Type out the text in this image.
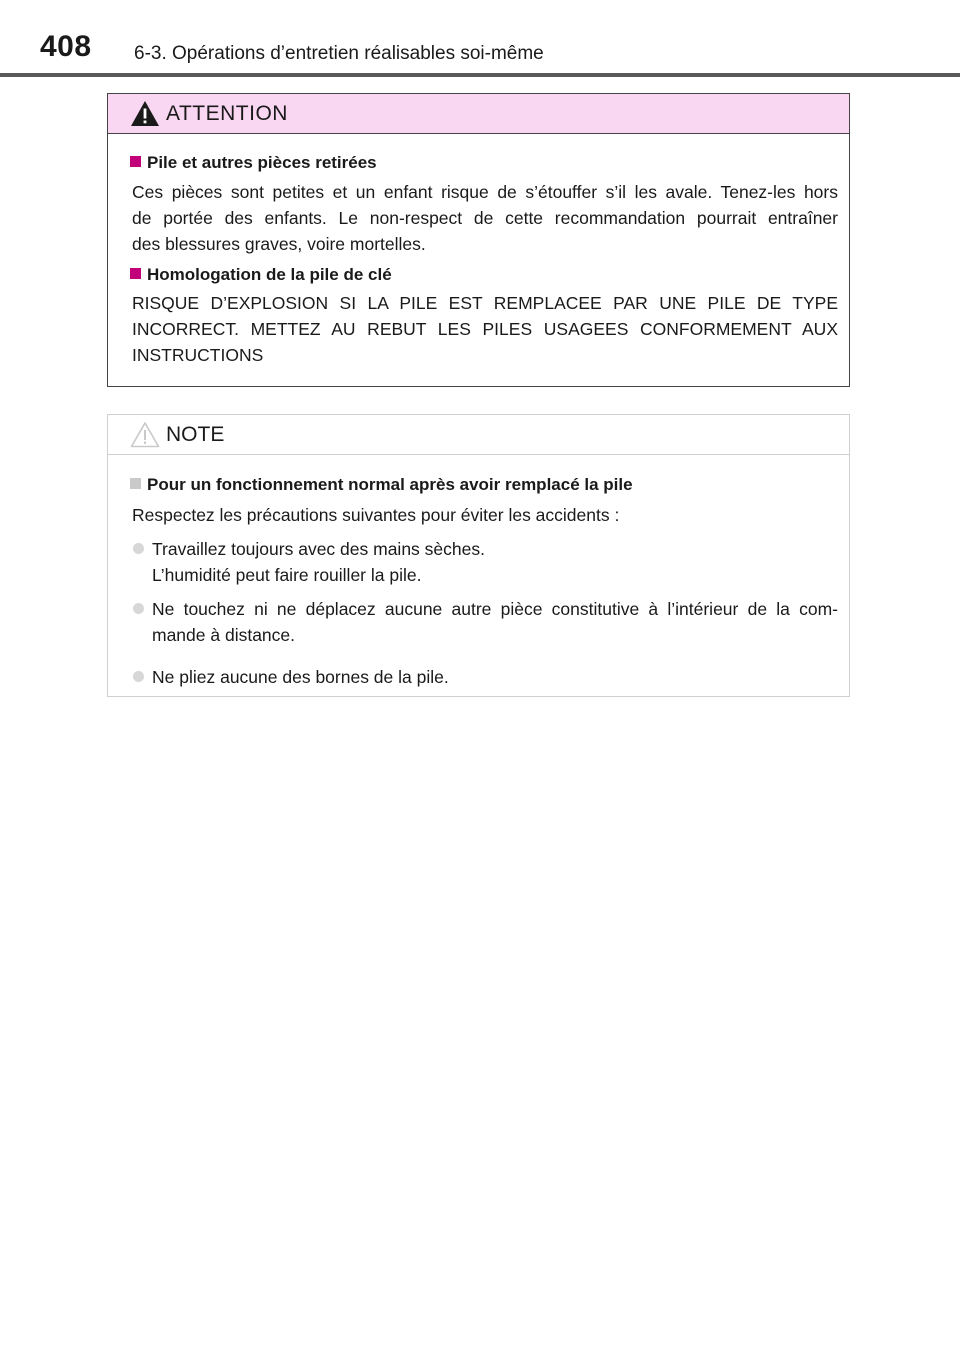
408 6-3. Opérations d’entretien réalisables soi-même
ATTENTION
Pile et autres pièces retirées
Ces pièces sont petites et un enfant risque de s’étouffer s’il les avale. Tenez-les hors
de portée des enfants. Le non-respect de cette recommandation pourrait entraîner
des blessures graves, voire mortelles.
Homologation de la pile de clé
RISQUE D’EXPLOSION SI LA PILE EST REMPLACEE PAR UNE PILE DE TYPE
INCORRECT. METTEZ AU REBUT LES PILES USAGEES CONFORMEMENT AUX
INSTRUCTIONS
NOTE
Pour un fonctionnement normal après avoir remplacé la pile
Respectez les précautions suivantes pour éviter les accidents :
Travaillez toujours avec des mains sèches.
L’humidité peut faire rouiller la pile.
Ne touchez ni ne déplacez aucune autre pièce constitutive à l’intérieur de la com-
mande à distance.
Ne pliez aucune des bornes de la pile.
